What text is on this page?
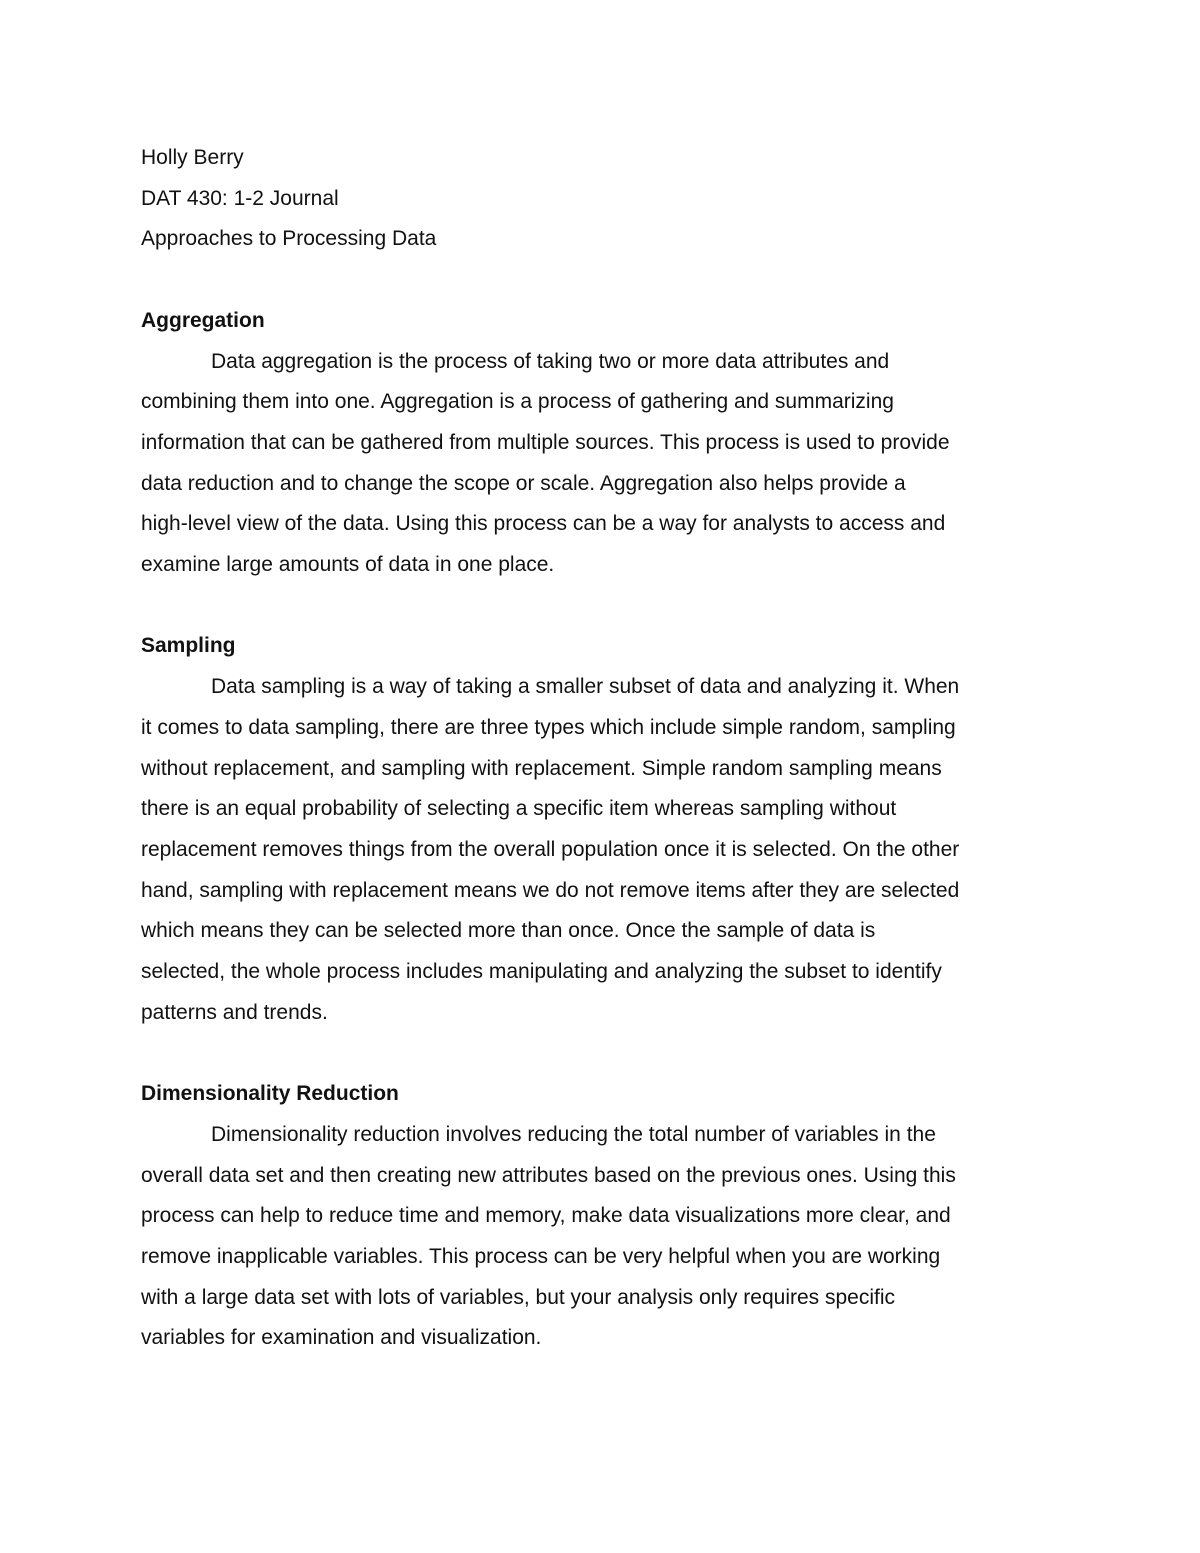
Holly Berry

DAT 430: 1-2 Journal

Approaches to Processing Data

Aggregation

Data aggregation is the process of taking two or more data attributes and

combining them into one. Aggregation is a process of gathering and summarizing

information that can be gathered from multiple sources. This process is used to provide

data reduction and to change the scope or scale. Aggregation also helps provide a

high-level view of the data. Using this process can be a way for analysts to access and

examine large amounts of data in one place.

Sampling

Data sampling is a way of taking a smaller subset of data and analyzing it. When

it comes to data sampling, there are three types which include simple random, sampling

without replacement, and sampling with replacement. Simple random sampling means

there is an equal probability of selecting a specific item whereas sampling without

replacement removes things from the overall population once it is selected. On the other

hand, sampling with replacement means we do not remove items after they are selected

which means they can be selected more than once. Once the sample of data is

selected, the whole process includes manipulating and analyzing the subset to identify

patterns and trends.

Dimensionality Reduction

Dimensionality reduction involves reducing the total number of variables in the

overall data set and then creating new attributes based on the previous ones. Using this

process can help to reduce time and memory, make data visualizations more clear, and

remove inapplicable variables. This process can be very helpful when you are working

with a large data set with lots of variables, but your analysis only requires specific

variables for examination and visualization.
